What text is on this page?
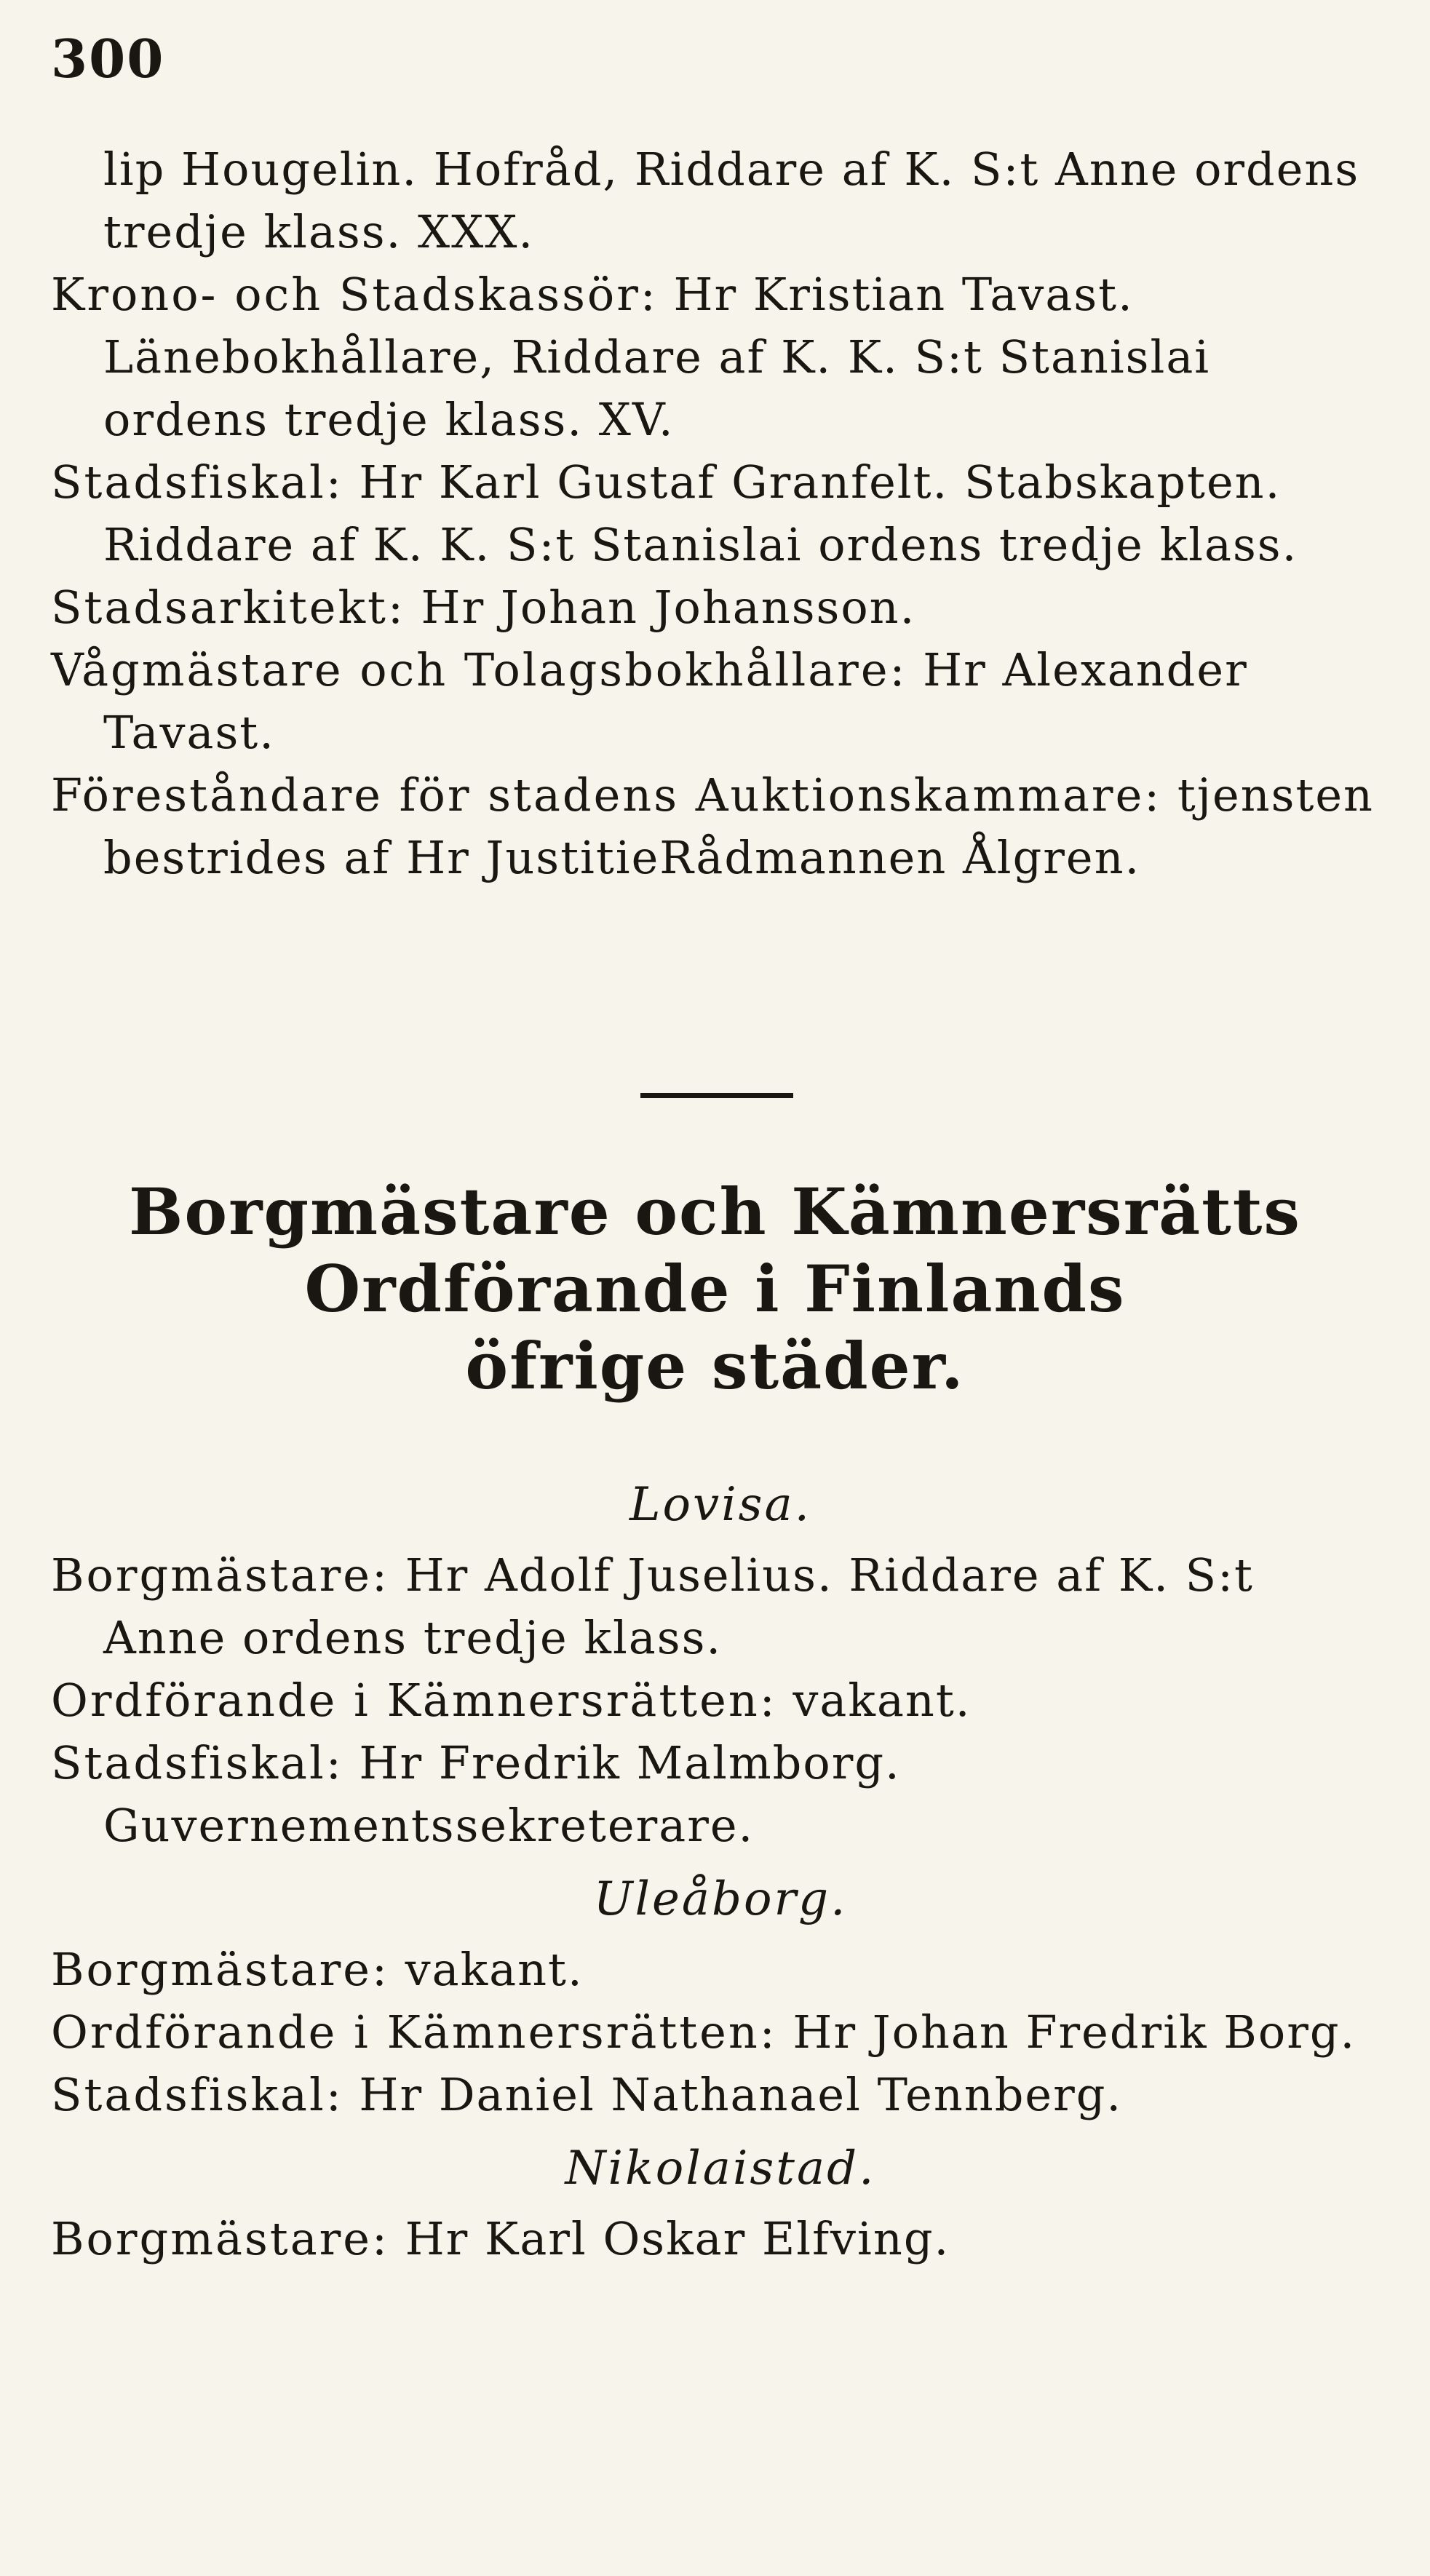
300
lip Hougelin. Hofråd, Riddare af K. S:t Anne ordens tredje klass. XXX.
Krono- och Stadskassör: Hr Kristian Tavast. Länebokhållare, Riddare af K. K. S:t Stanislai ordens tredje klass. XV.
Stadsfiskal: Hr Karl Gustaf Granfelt. Stabskapten. Riddare af K. K. S:t Stanislai ordens tredje klass.
Stadsarkitekt: Hr Johan Johansson.
Vågmästare och Tolagsbokhållare: Hr Alexander Tavast.
Föreståndare för stadens Auktionskammare: tjensten bestrides af Hr JustitieRådmannen Ålgren.
Borgmästare och Kämnersrätts
Ordförande i Finlands
öfrige städer.
Lovisa.
Borgmästare: Hr Adolf Juselius. Riddare af K. S:t Anne ordens tredje klass.
Ordförande i Kämnersrätten: vakant.
Stadsfiskal: Hr Fredrik Malmborg. Guvernementssekreterare.
Uleåborg.
Borgmästare: vakant.
Ordförande i Kämnersrätten: Hr Johan Fredrik Borg.
Stadsfiskal: Hr Daniel Nathanael Tennberg.
Nikolaistad.
Borgmästare: Hr Karl Oskar Elfving.
